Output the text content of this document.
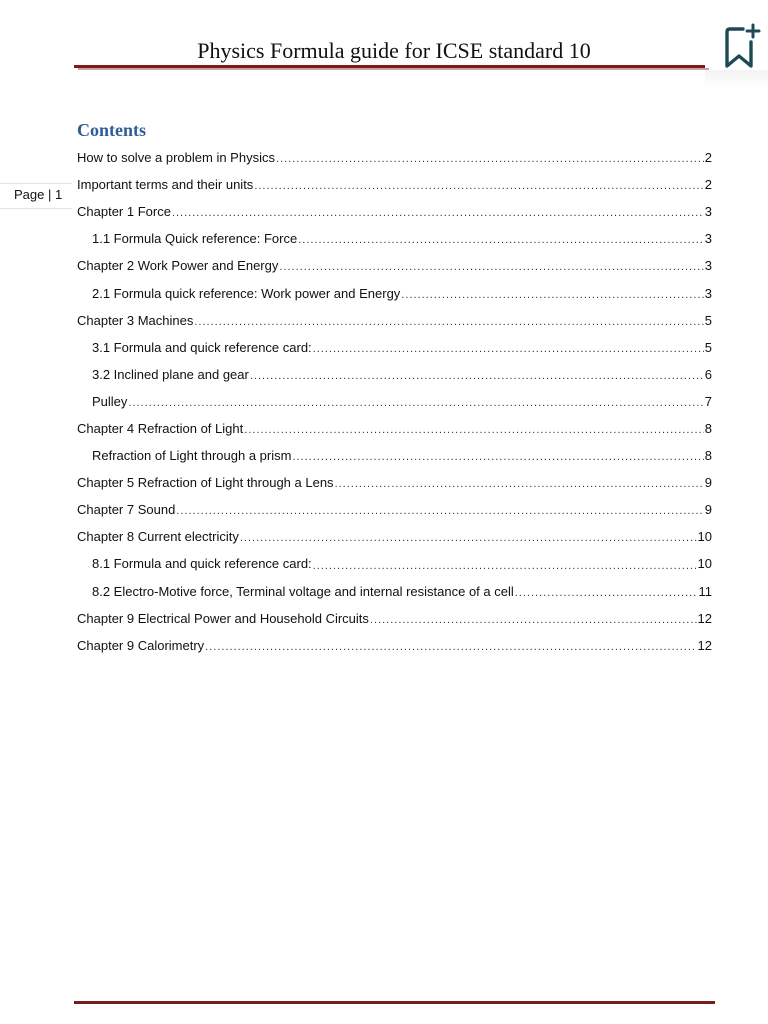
Physics Formula guide for ICSE standard 10
Page | 1
Contents
How to solve a problem in Physics .....	2
Important terms and their units .....	2
Chapter 1 Force .....	3
1.1 Formula Quick reference: Force .....	3
Chapter 2 Work Power and Energy .....	3
2.1 Formula quick reference: Work power and Energy .....	3
Chapter 3 Machines .....	5
3.1 Formula and quick reference card: .....	5
3.2 Inclined plane and gear .....	6
Pulley .....	7
Chapter 4 Refraction of Light .....	8
Refraction of Light through a prism .....	8
Chapter 5 Refraction of Light through a Lens .....	9
Chapter 7 Sound .....	9
Chapter 8 Current electricity .....	10
8.1 Formula and quick reference card: .....	10
8.2 Electro-Motive force, Terminal voltage and internal resistance of a cell .....	11
Chapter 9 Electrical Power and Household Circuits .....	12
Chapter 9 Calorimetry .....	12
